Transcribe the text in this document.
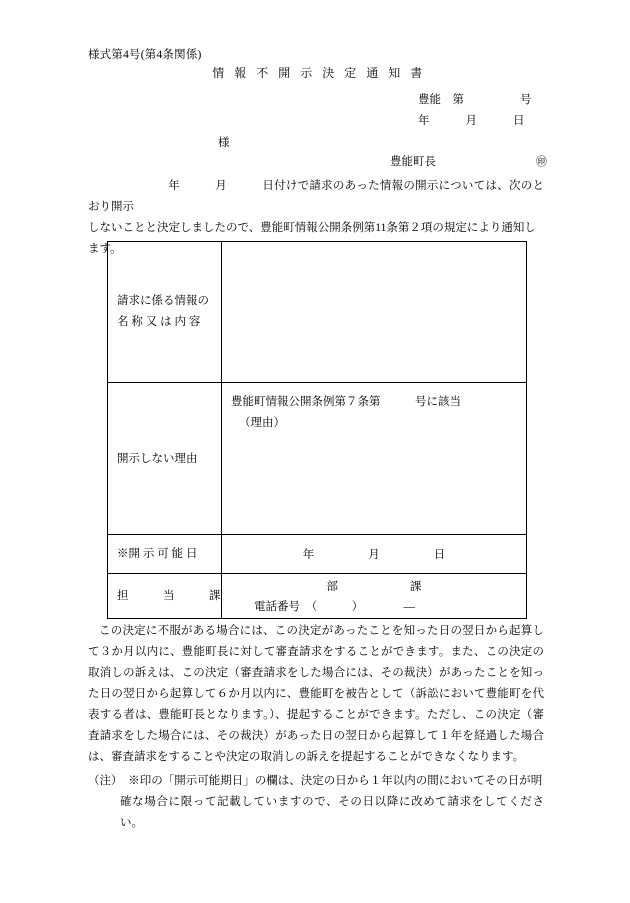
様式第4号(第4条関係)
情 報 不 開 示 決 定 通 知 書
豊能　第	号
年	月	日
様
豊能町長	㊞
年　　　月　　　日付けで請求のあった情報の開示については、次のとおり開示
しないことと決定しましたので、豊能町情報公開条例第11条第２項の規定により通知し
ます。
請求に係る情報の
名 称 又 は 内 容	

開示しない理由	豊能町情報公開条例第７条第　　　号に該当
（理由）

※開 示 可 能 日	年 月 日
担　　　当　　　課	部 課
電話番号　（　　　）　　　　―
この決定に不服がある場合には、この決定があったことを知った日の翌日から起算して３か月以内に、豊能町長に対して審査請求をすることができます。また、この決定の取消しの訴えは、この決定（審査請求をした場合には、その裁決）があったことを知った日の翌日から起算して６か月以内に、豊能町を被告として（訴訟において豊能町を代表する者は、豊能町長となります。）、提起することができます。ただし、この決定（審査請求をした場合には、その裁決）があった日の翌日から起算して１年を経過した場合は、審査請求をすることや決定の取消しの訴えを提起することができなくなります。
（注）　※印の「開示可能期日」の欄は、決定の日から１年以内の間においてその日が明
確な場合に限って記載していますので、その日以降に改めて請求をしてください。
